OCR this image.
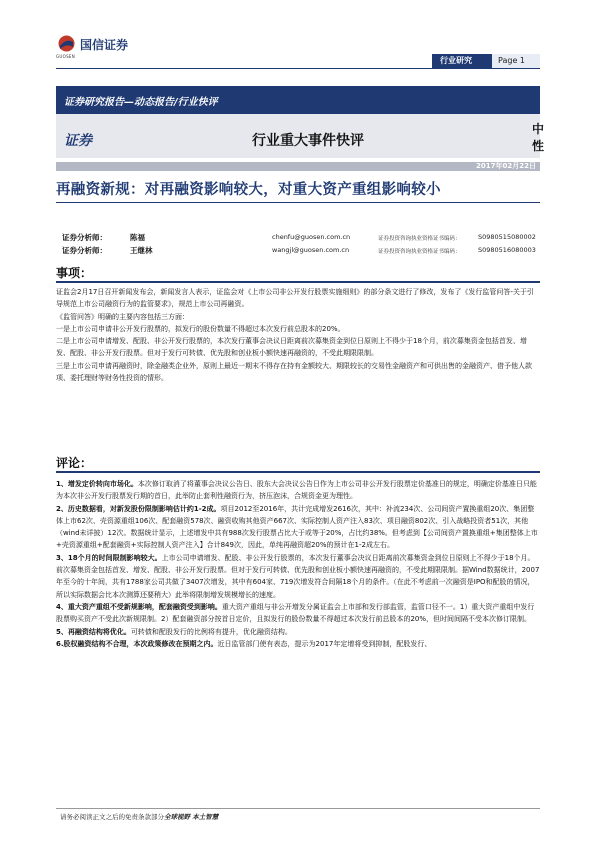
GUOSEN
国信证券
行业研究	Page 1
证券研究报告—动态报告/行业快评
证券	行业重大事件快评
中性
2017年02月22日
再融资新规：对再融资影响较大，对重大资产重组影响较小
证券分析师：	陈福	chenfu@guosen.com.cn	证券投资咨询执业资格证书编码：	S0980515080002
证券分析师：	王继林	wangjl@guosen.com.cn	证券投资咨询执业资格证书编码：	S0980516080003
事项：

证监会2月17日召开新闻发布会，新闻发言人表示，证监会对《上市公司非公开发行股票实施细则》的部分条文进行了修改，发布了《发行监管问答-关于引导规范上市公司融资行为的监管要求》，规范上市公司再融资。

《监管问答》明确的主要内容包括三方面：

一是上市公司申请非公开发行股票的，拟发行的股份数量不得超过本次发行前总股本的20%。

二是上市公司申请增发、配股、非公开发行股票的，本次发行董事会决议日距离前次募集资金到位日原则上不得少于18个月，前次募集资金包括首发、增发、配股、非公开发行股票。但对于发行可转债、优先股和创业板小额快速再融资的，不受此期限限制。

三是上市公司申请再融资时，除金融类企业外，原则上最近一期末不得存在持有金额较大、期限较长的交易性金融资产和可供出售的金融资产、借予他人款项、委托理财等财务性投资的情形。

评论：

1、增发定价转向市场化。本次修订取消了将董事会决议公告日、股东大会决议公告日作为上市公司非公开发行股票定价基准日的规定，明确定价基准日只能为本次非公开发行股票发行期的首日，此举防止套利性融资行为，挤压泡沫，合规资金更为理性。

2、历史数据看，对新发股份限制影响估计约1-2成。项目2012至2016年，共计完成增发2616次，其中：补流234次、公司间资产置换重组20次、集团整体上市62次、壳资源重组106次、配套融资578次、融资收购其他资产667次、实际控制人资产注入83次、项目融资802次、引入战略投资者51次，其他（wind未详披）12次。数据统计显示，上述增发中共有988次发行股票占比大于或等于20%，占比约38%。但考虑到【公司间资产置换重组+集团整体上市+壳资源重组+配套融资+实际控制人资产注入】合计849次，因此，单纯再融资超20%的预计在1-2成左右。

3、18个月的时间限制影响较大。上市公司申请增发、配股、非公开发行股票的，本次发行董事会决议日距离前次募集资金到位日原则上不得少于18个月。前次募集资金包括首发、增发、配股、非公开发行股票。但对于发行可转债、优先股和创业板小额快速再融资的，不受此期限限制。据Wind数据统计，2007年至今的十年间，共有1788家公司共做了3407次增发，其中有604家、719次增发符合间隔18个月的条件。（在此不考虑前一次融资是IPO和配股的情况，所以实际数据会比本次测算还要稍大）此举将限制增发规模增长的速度。

4、重大资产重组不受新规影响，配套融资受到影响。重大资产重组与非公开增发分属证监会上市部和发行部监管，监管口径不一。1）重大资产重组中发行股票购买资产不受此次新规限制。2）配套融资部分按首日定价，且拟发行的股份数量不得超过本次发行前总股本的20%，但时间间隔不受本次修订限制。

5、再融资结构将优化。可转债和配股发行的比例将有提升，优化融资结构。

6.股权融资结构不合理，本次政策修改在预期之内。近日监管部门使有表态，提示为2017年定增将受到抑制，配股发行、

请务必阅读正文之后的免责条款部分全球视野 本土智慧
